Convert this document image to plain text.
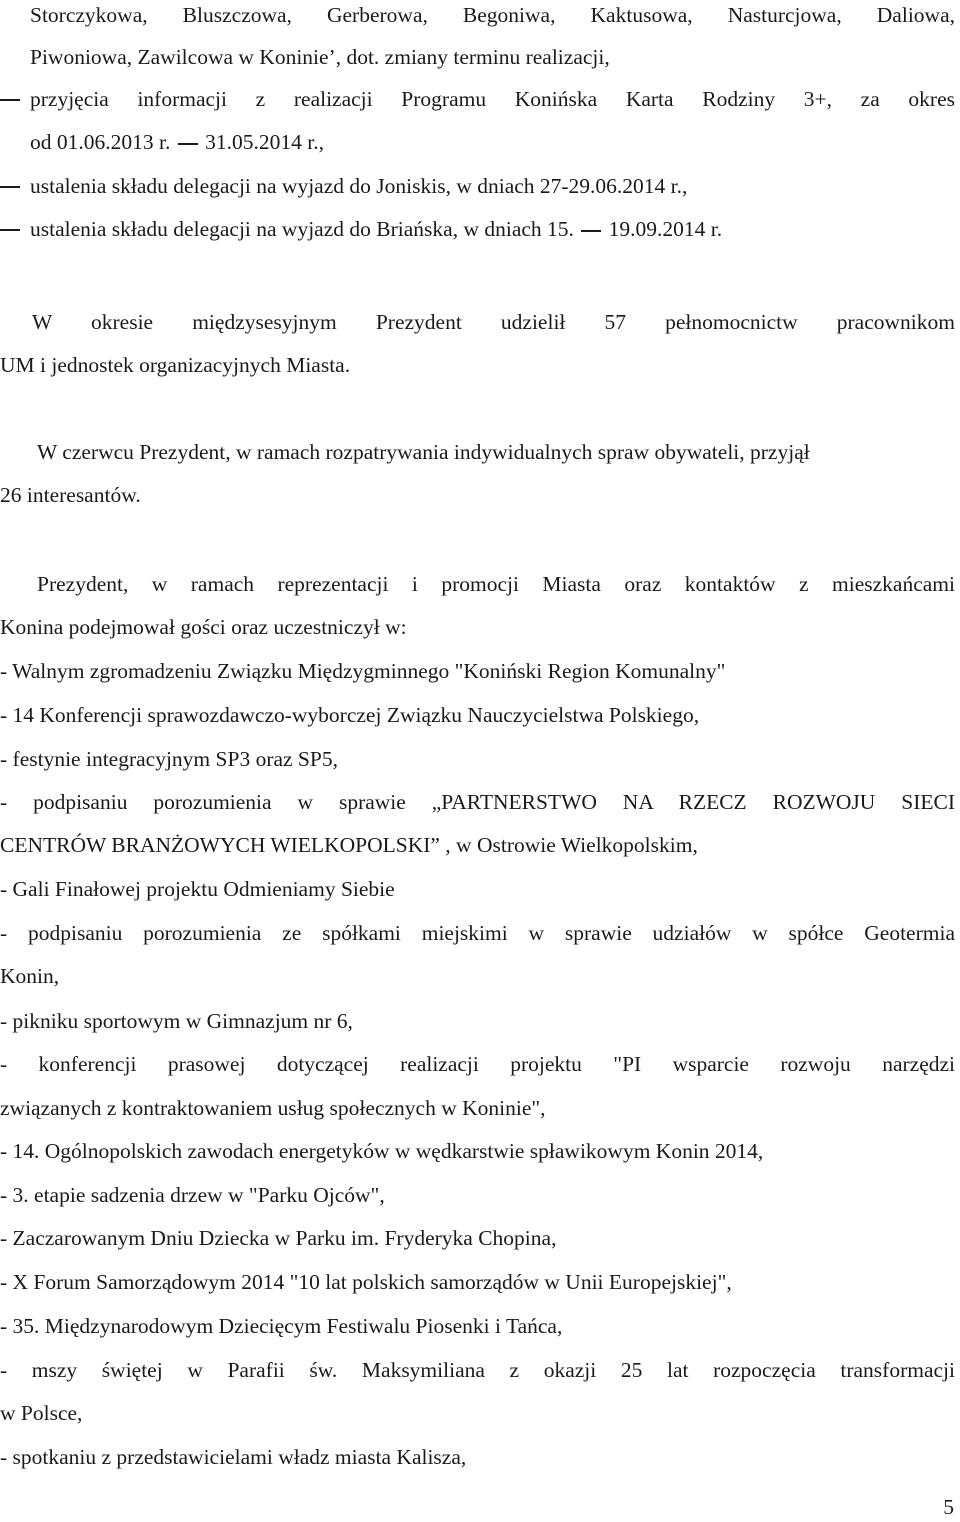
Storczykowa, Bluszczowa, Gerberowa, Begoniwa, Kaktusowa, Nasturcjowa, Daliowa,

Piwoniowa, Zawilcowa w Koninie’, dot. zmiany terminu realizacji,

przyjęcia informacji z realizacji Programu Konińska Karta Rodziny 3+, za okres

od 01.06.2013 r. 31.05.2014 r.,

ustalenia składu delegacji na wyjazd do Joniskis, w dniach 27-29.06.2014 r.,

ustalenia składu delegacji na wyjazd do Briańska, w dniach 15. 19.09.2014 r.

W okresie międzysesyjnym Prezydent udzielił 57 pełnomocnictw pracownikom

UM i jednostek organizacyjnych Miasta.

W czerwcu Prezydent, w ramach rozpatrywania indywidualnych spraw obywateli, przyjął

26 interesantów.

Prezydent, w ramach reprezentacji i promocji Miasta oraz kontaktów z mieszkańcami

Konina podejmował gości oraz uczestniczył w:

- Walnym zgromadzeniu Związku Międzygminnego "Koniński Region Komunalny"

- 14 Konferencji sprawozdawczo-wyborczej Związku Nauczycielstwa Polskiego,

- festynie integracyjnym SP3 oraz SP5,

- podpisaniu porozumienia w sprawie „PARTNERSTWO NA RZECZ ROZWOJU SIECI

CENTRÓW BRANŻOWYCH WIELKOPOLSKI” , w Ostrowie Wielkopolskim,

- Gali Finałowej projektu Odmieniamy Siebie

- podpisaniu porozumienia ze spółkami miejskimi w sprawie udziałów w spółce Geotermia

Konin,

- pikniku sportowym w Gimnazjum nr 6,

- konferencji prasowej dotyczącej realizacji projektu "PI wsparcie rozwoju narzędzi

związanych z kontraktowaniem usług społecznych w Koninie",

- 14. Ogólnopolskich zawodach energetyków w wędkarstwie spławikowym Konin 2014,

- 3. etapie sadzenia drzew w "Parku Ojców",

- Zaczarowanym Dniu Dziecka w Parku im. Fryderyka Chopina,

- X Forum Samorządowym 2014 "10 lat polskich samorządów w Unii Europejskiej",

- 35. Międzynarodowym Dziecięcym Festiwalu Piosenki i Tańca,

- mszy świętej w Parafii św. Maksymiliana z okazji 25 lat rozpoczęcia transformacji

w Polsce,

- spotkaniu z przedstawicielami władz miasta Kalisza,

5
